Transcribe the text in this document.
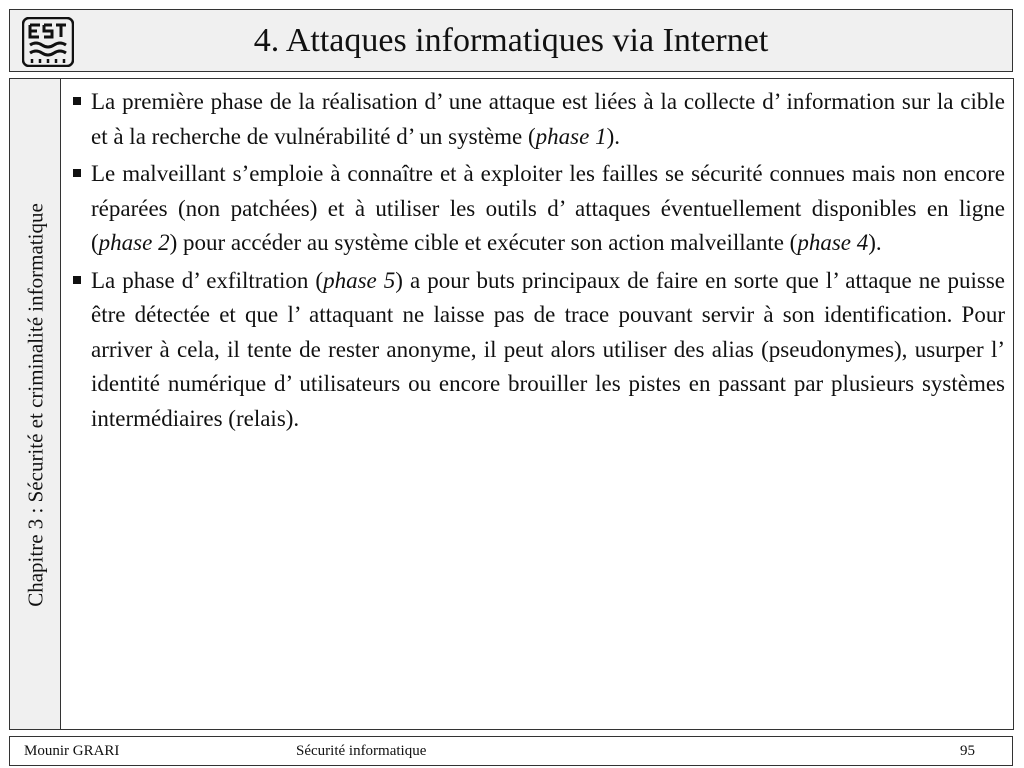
4. Attaques informatiques via Internet
Chapitre 3 : Sécurité et criminalité informatique
La première phase de la réalisation d’ une attaque est liées à la collecte d’ information sur la cible et à la recherche de vulnérabilité d’ un système (phase 1).
Le malveillant s’emploie à connaître et à exploiter les failles se sécurité connues mais non encore réparées (non patchées) et à utiliser les outils d’ attaques éventuellement disponibles en ligne (phase 2) pour accéder au système cible et exécuter son action malveillante (phase 4).
La phase d’ exfiltration (phase 5) a pour buts principaux de faire en sorte que l’ attaque ne puisse être détectée et que l’ attaquant ne laisse pas de trace pouvant servir à son identification. Pour arriver à cela, il tente de rester anonyme, il peut alors utiliser des alias (pseudonymes), usurper l’ identité numérique d’ utilisateurs ou encore brouiller les pistes en passant par plusieurs systèmes intermédiaires (relais).
Mounir GRARI	Sécurité informatique	95
